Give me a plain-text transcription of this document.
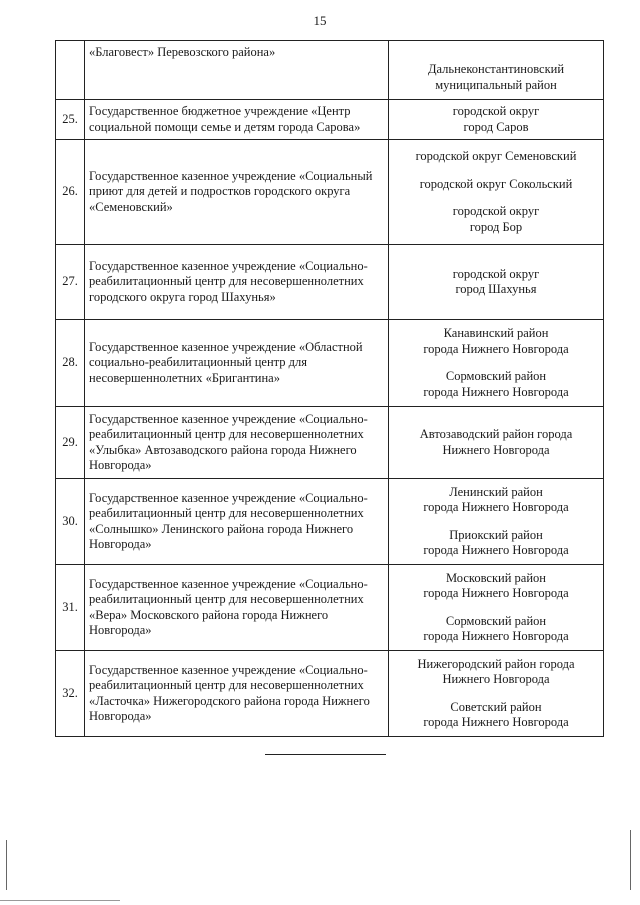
15
	«Благовест» Перевозского района»	Дальнеконстантиновский
муниципальный район

25.	Государственное бюджетное учреждение «Центр социальной помощи семье и детям города Сарова»	городской округ
город Саров

26.	Государственное казенное учреждение «Социальный приют для детей и подростков городского округа «Семеновский»	городской округ Семеновский
городской округ Сокольский
городской округ
город Бор

27.	Государственное казенное учреждение «Социально-реабилитационный центр для несовершеннолетних городского округа город Шахунья»	городской округ
город Шахунья

28.	Государственное казенное учреждение «Областной социально-реабилитационный центр для несовершеннолетних «Бригантина»	Канавинский район
города Нижнего Новгорода
Сормовский район
города Нижнего Новгорода

29.	Государственное казенное учреждение «Социально-реабилитационный центр для несовершеннолетних «Улыбка» Автозаводского района города Нижнего Новгорода»	Автозаводский район города
Нижнего Новгорода

30.	Государственное казенное учреждение «Социально-реабилитационный центр для несовершеннолетних «Солнышко» Ленинского района города Нижнего Новгорода»	Ленинский район
города Нижнего Новгорода
Приокский район
города Нижнего Новгорода

31.	Государственное казенное учреждение «Социально-реабилитационный центр для несовершеннолетних «Вера» Московского района города Нижнего Новгорода»	Московский район
города Нижнего Новгорода
Сормовский район
города Нижнего Новгорода

32.	Государственное казенное учреждение «Социально-реабилитационный центр для несовершеннолетних «Ласточка» Нижегородского района города Нижнего Новгорода»	Нижегородский район города
Нижнего Новгорода
Советский район
города Нижнего Новгорода
